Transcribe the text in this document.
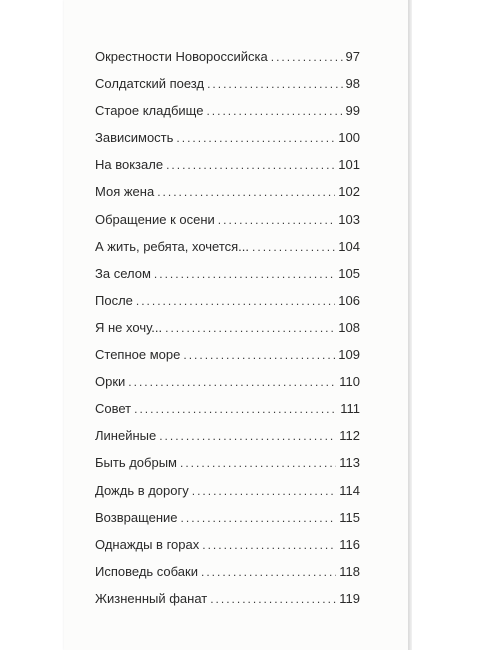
Окрестности Новороссийска .....	97
Солдатский поезд .....	98
Старое кладбище .....	99
Зависимость .....	100
На вокзале .....	101
Моя жена .....	102
Обращение к осени .....	103
А жить, ребята, хочется... .....	104
За селом .....	105
После .....	106
Я не хочу... .....	108
Степное море .....	109
Орки .....	110
Совет .....	111
Линейные .....	112
Быть добрым .....	113
Дождь в дорогу .....	114
Возвращение .....	115
Однажды в горах .....	116
Исповедь собаки .....	118
Жизненный фанат .....	119
